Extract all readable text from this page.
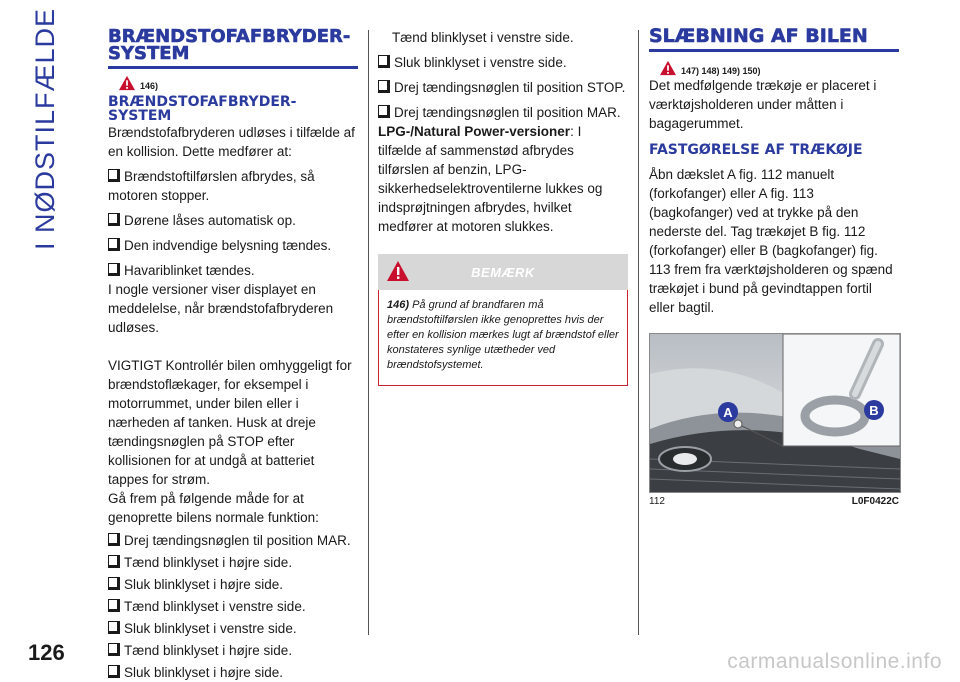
I NØDSTILFÆLDE	BRÆNDSTOFAFBRYDER-SYSTEM
146)
BRÆNDSTOFAFBRYDER-SYSTEM

Brændstofafbryderen udløses i tilfælde af en kollision. Dette medfører at:

Brændstoftilførslen afbrydes, så motoren stopper.

Dørene låses automatisk op.

Den indvendige belysning tændes.

Havariblinket tændes.

I nogle versioner viser displayet en meddelelse, når brændstofafbryderen udløses.

VIGTIGT Kontrollér bilen omhyggeligt for brændstoflækager, for eksempel i motorrummet, under bilen eller i nærheden af tanken. Husk at dreje tændingsnøglen på STOP efter kollisionen for at undgå at batteriet tappes for strøm.

Gå frem på følgende måde for at genoprette bilens normale funktion:

Drej tændingsnøglen til position MAR.

Tænd blinklyset i højre side.

Sluk blinklyset i højre side.

Tænd blinklyset i venstre side.

Sluk blinklyset i venstre side.

Tænd blinklyset i højre side.

Sluk blinklyset i højre side.

Tænd blinklyset i venstre side.

Sluk blinklyset i venstre side.

Drej tændingsnøglen til position STOP.

Drej tændingsnøglen til position MAR.

LPG-/Natural Power-versioner: I tilfælde af sammenstød afbrydes tilførslen af benzin, LPG-sikkerhedselektroventilerne lukkes og indsprøjtningen afbrydes, hvilket medfører at motoren slukkes.

BEMÆRK
146) På grund af brandfaren må brændstoftilførslen ikke genoprettes hvis der efter en kollision mærkes lugt af brændstof eller konstateres synlige utætheder ved brændstofsystemet.
SLÆBNING AF BILEN
147) 148) 149) 150)

Det medfølgende trækøje er placeret i værktøjsholderen under måtten i bagagerummet.

FASTGØRELSE AF TRÆKØJE

Åbn dækslet A fig. 112 manuelt (forkofanger) eller A fig. 113 (bagkofanger) ved at trykke på den nederste del. Tag trækøjet B fig. 112 (forkofanger) eller B (bagkofanger) fig. 113 frem fra værktøjsholderen og spænd trækøjet i bund på gevindtappen fortil eller bagtil.

A	B
112	L0F0422C
126	carmanualsonline.info
